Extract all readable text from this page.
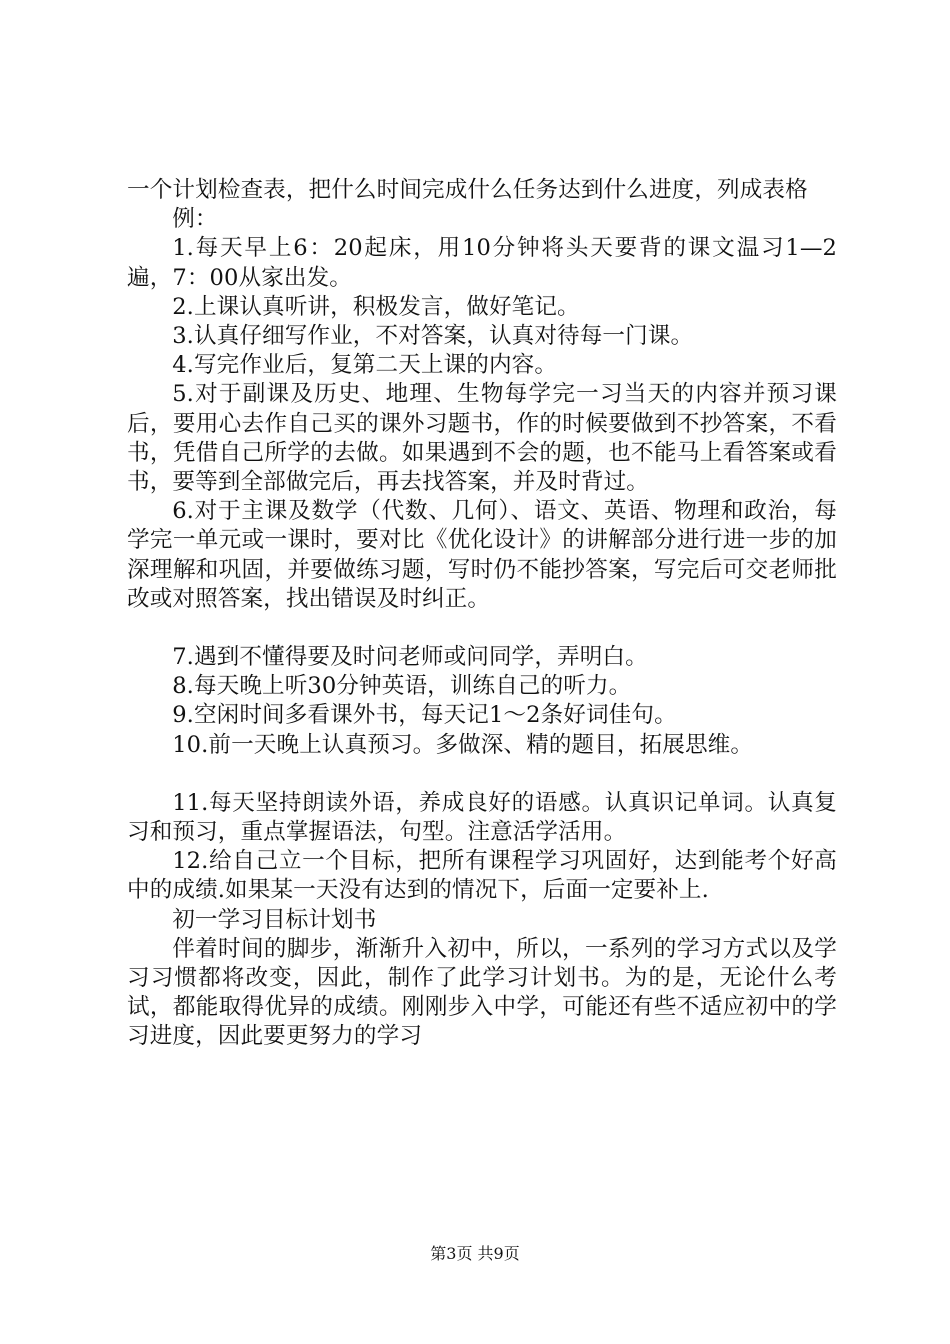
一个计划检查表，把什么时间完成什么任务达到什么进度，列成表格

例：

1.每天早上6：20起床，用10分钟将头天要背的课文温习1—2遍，7：00从家出发。

2.上课认真听讲，积极发言，做好笔记。

3.认真仔细写作业，不对答案，认真对待每一门课。

4.写完作业后，复第二天上课的内容。

5.对于副课及历史、地理、生物每学完一习当天的内容并预习课后，要用心去作自己买的课外习题书，作的时候要做到不抄答案，不看书，凭借自己所学的去做。如果遇到不会的题，也不能马上看答案或看书，要等到全部做完后，再去找答案，并及时背过。

6.对于主课及数学（代数、几何）、语文、英语、物理和政治，每学完一单元或一课时，要对比《优化设计》的讲解部分进行进一步的加深理解和巩固，并要做练习题，写时仍不能抄答案，写完后可交老师批改或对照答案，找出错误及时纠正。

7.遇到不懂得要及时问老师或问同学，弄明白。

8.每天晚上听30分钟英语，训练自己的听力。

9.空闲时间多看课外书，每天记1～2条好词佳句。

10.前一天晚上认真预习。多做深、精的题目，拓展思维。

11.每天坚持朗读外语，养成良好的语感。认真识记单词。认真复习和预习，重点掌握语法，句型。注意活学活用。

12.给自己立一个目标，把所有课程学习巩固好，达到能考个好高中的成绩.如果某一天没有达到的情况下，后面一定要补上.

初一学习目标计划书

伴着时间的脚步，渐渐升入初中，所以，一系列的学习方式以及学习习惯都将改变，因此，制作了此学习计划书。为的是，无论什么考试，都能取得优异的成绩。刚刚步入中学，可能还有些不适应初中的学习进度，因此要更努力的学习

第3页 共9页
